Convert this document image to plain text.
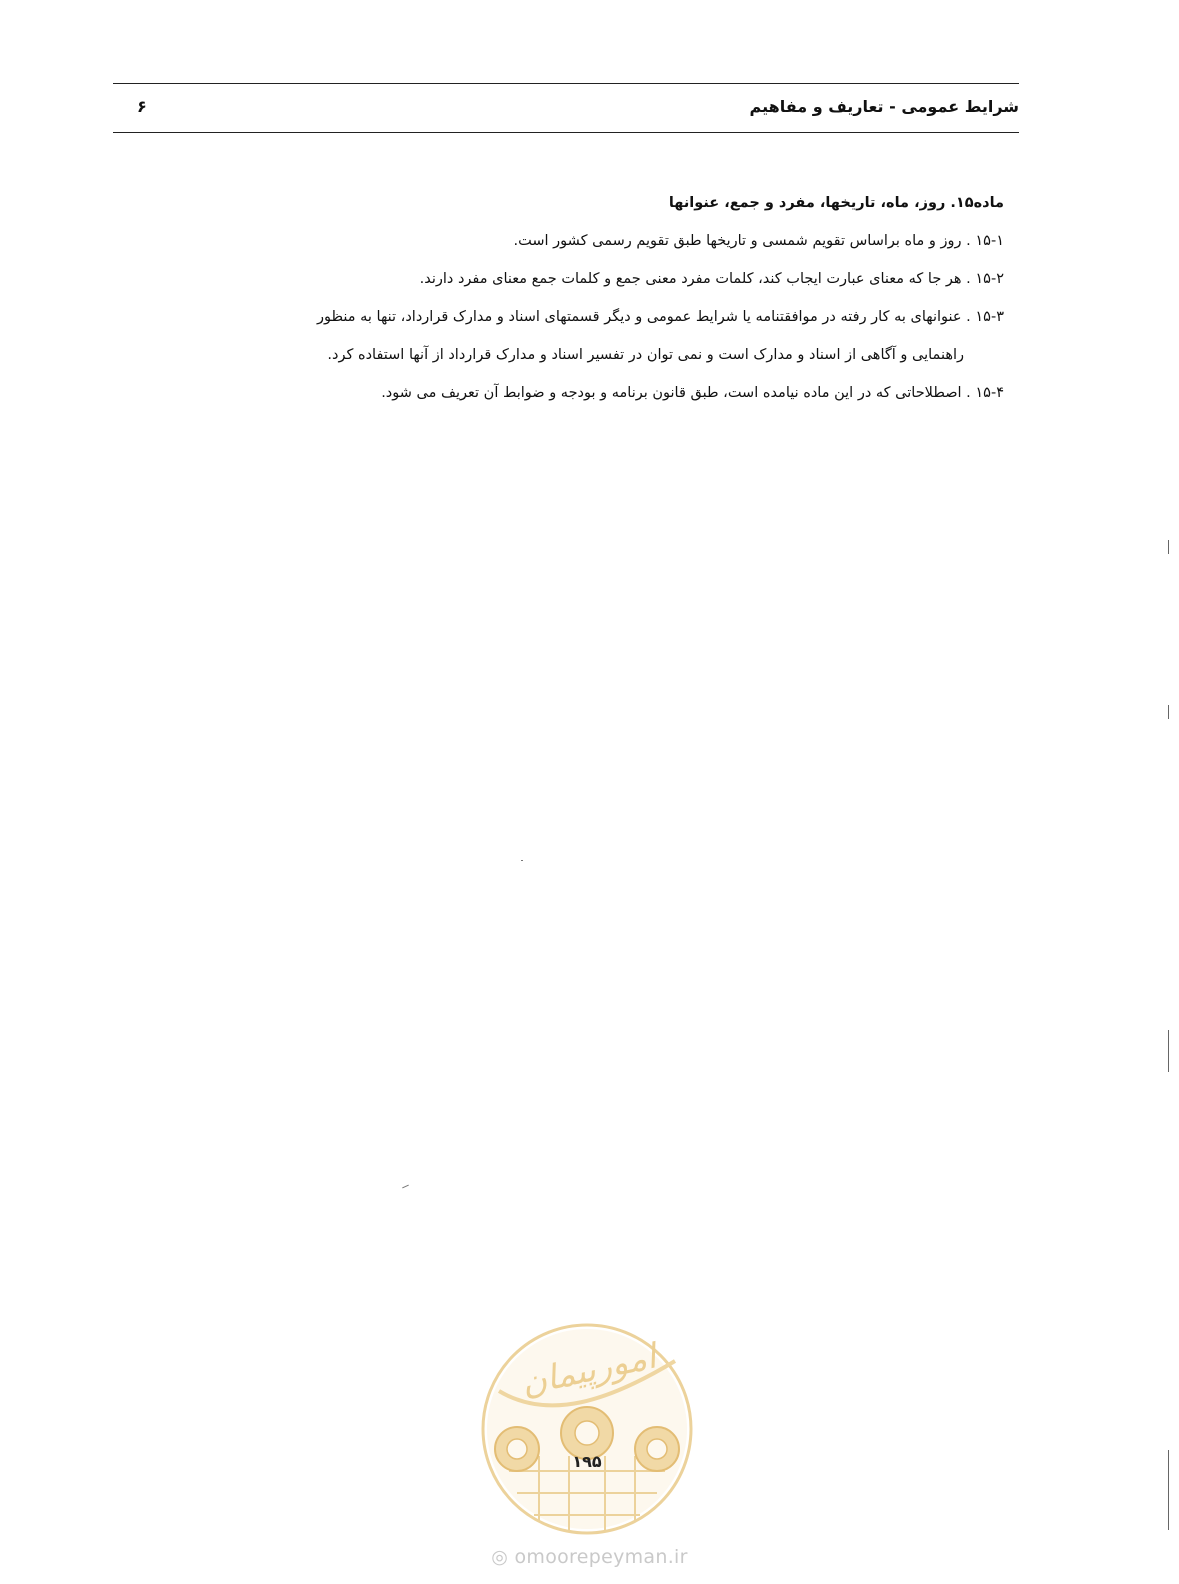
شرایط عمومی - تعاریف و مفاهیم
۶
ماده۱۵. روز، ماه، تاریخها، مفرد و جمع، عنوانها
۱۵-۱ . روز و ماه براساس تقویم شمسی و تاریخها طبق تقویم رسمی کشور است.
۱۵-۲ . هر جا که معنای عبارت ایجاب کند، کلمات مفرد معنی جمع و کلمات جمع معنای مفرد دارند.
۱۵-۳ . عنوانهای به کار رفته در موافقتنامه یا شرایط عمومی و دیگر قسمتهای اسناد و مدارک قرارداد، تنها به منظور
راهنمایی و آگاهی از اسناد و مدارک است و نمی توان در تفسیر اسناد و مدارک قرارداد از آنها استفاده کرد.
۱۵-۴ . اصطلاحاتی که در این ماده نیامده است، طبق قانون برنامه و بودجه و ضوابط آن تعریف می شود.
امورپیمان
۱۹۵
◎ omoorepeyman.ir
